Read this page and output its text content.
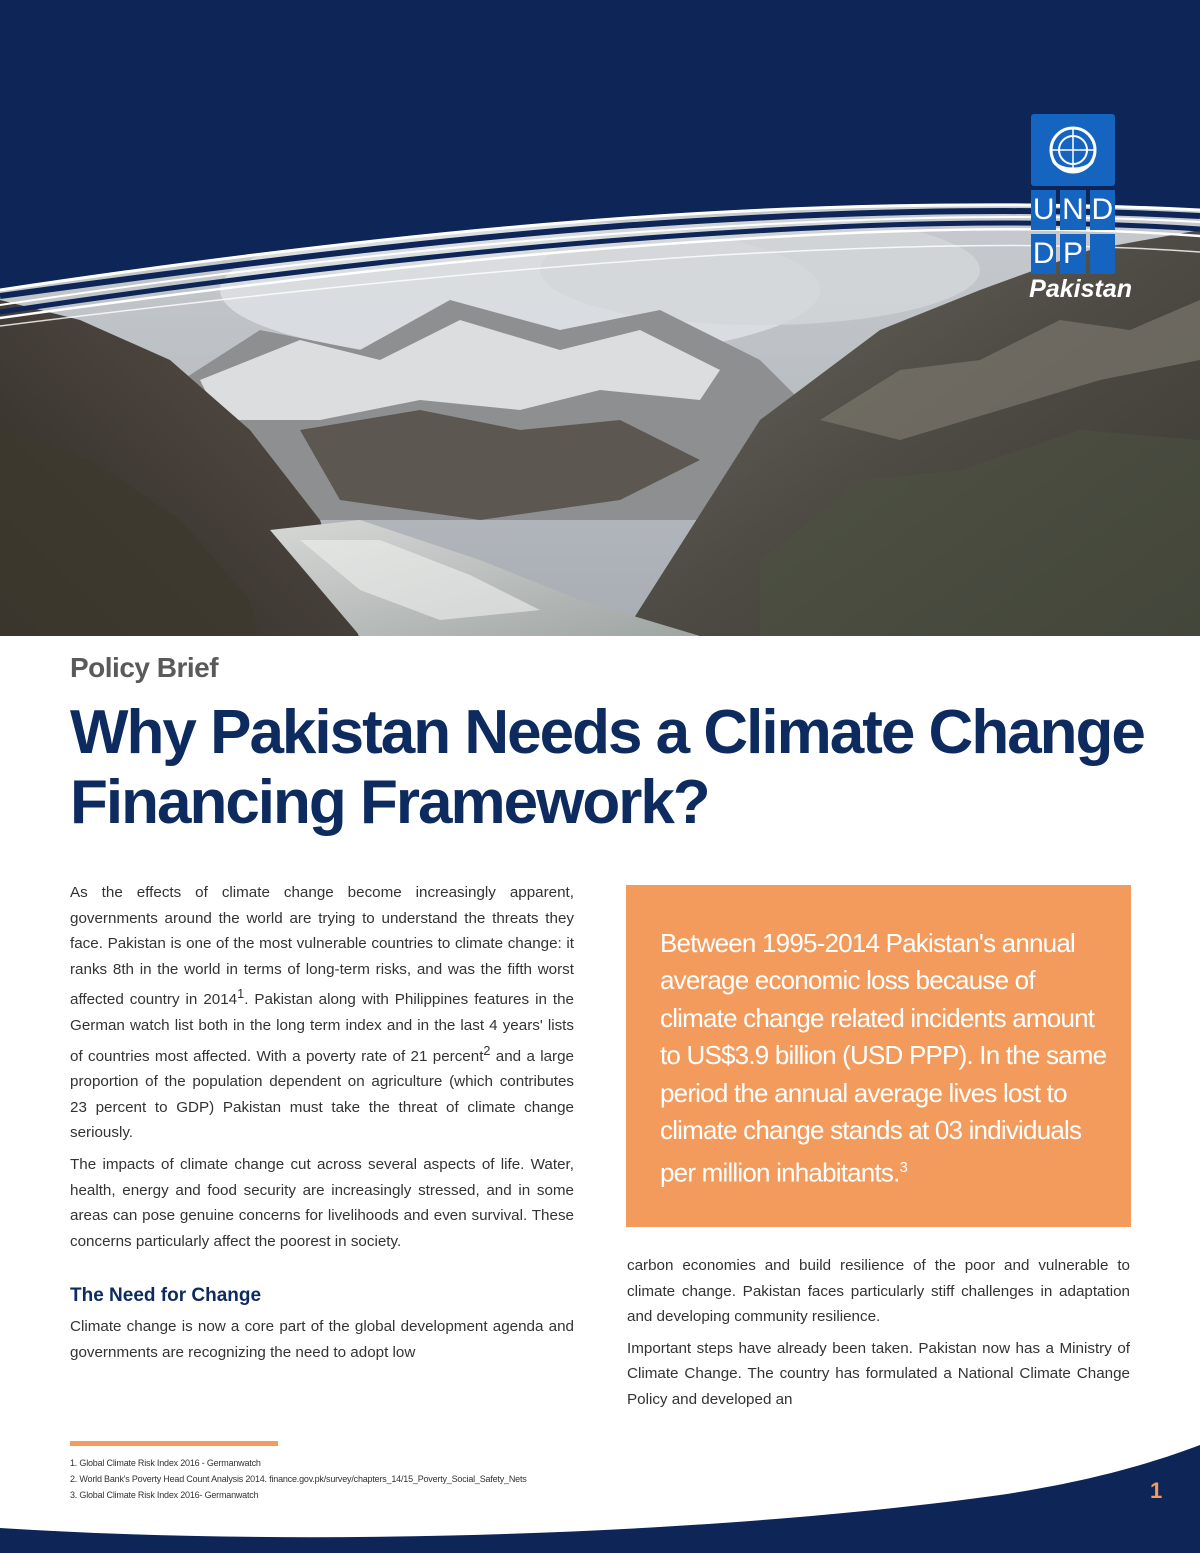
U N D
D P
Pakistan
Policy Brief
Why Pakistan Needs a Climate Change Financing Framework?

As the effects of climate change become increasingly apparent, governments around the world are trying to understand the threats they face. Pakistan is one of the most vulnerable countries to climate change: it ranks 8th in the world in terms of long-term risks, and was the fifth worst affected country in 2014$^1$. Pakistan along with Philippines features in the German watch list both in the long term index and in the last 4 years' lists of countries most affected. With a poverty rate of 21 percent$^2$ and a large proportion of the population dependent on agriculture (which contributes 23 percent to GDP) Pakistan must take the threat of climate change seriously.

The impacts of climate change cut across several aspects of life. Water, health, energy and food security are increasingly stressed, and in some areas can pose genuine concerns for livelihoods and even survival. These concerns particularly affect the poorest in society.

The Need for Change

Climate change is now a core part of the global development agenda and governments are recognizing the need to adopt low

Between 1995-2014 Pakistan's annual average economic loss because of climate change related incidents amount to US$3.9 billion (USD PPP). In the same period the annual average lives lost to climate change stands at 03 individuals per million inhabitants.$^3$

carbon economies and build resilience of the poor and vulnerable to climate change. Pakistan faces particularly stiff challenges in adaptation and developing community resilience.

Important steps have already been taken. Pakistan now has a Ministry of Climate Change. The country has formulated a National Climate Change Policy and developed an

1. Global Climate Risk Index 2016 - Germanwatch
2. World Bank's Poverty Head Count Analysis 2014. finance.gov.pk/survey/chapters_14/15_Poverty_Social_Safety_Nets
3. Global Climate Risk Index 2016- Germanwatch	1
